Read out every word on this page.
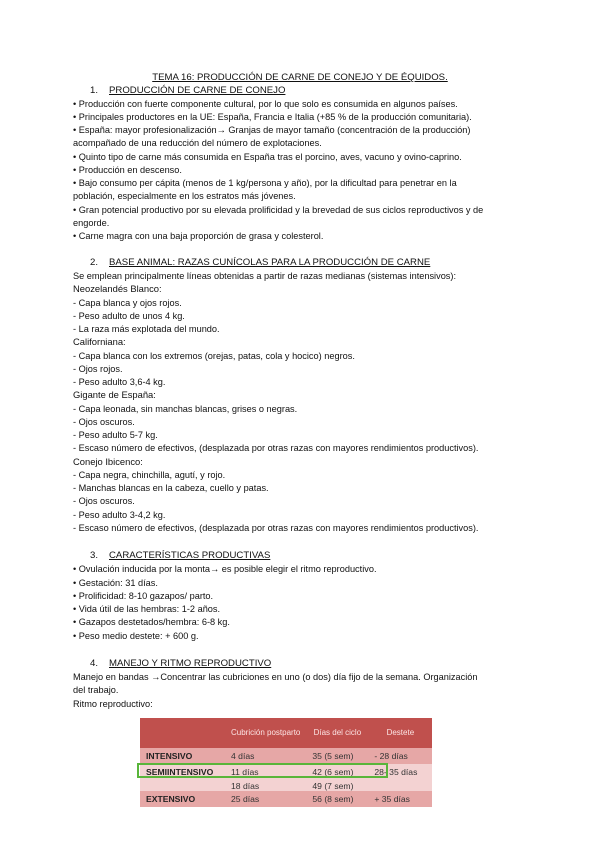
TEMA 16: PRODUCCIÓN DE CARNE DE CONEJO Y DE ÉQUIDOS.
1. PRODUCCIÓN DE CARNE DE CONEJO
• Producción con fuerte componente cultural, por lo que solo es consumida en algunos países.
• Principales productores en la UE: España, Francia e Italia (+85 % de la producción comunitaria).
• España: mayor profesionalización→ Granjas de mayor tamaño (concentración de la producción)
acompañado de una reducción del número de explotaciones.
• Quinto tipo de carne más consumida en España tras el porcino, aves, vacuno y ovino-caprino.
• Producción en descenso.
• Bajo consumo per cápita (menos de 1 kg/persona y año), por la dificultad para penetrar en la
población, especialmente en los estratos más jóvenes.
• Gran potencial productivo por su elevada prolificidad y la brevedad de sus ciclos reproductivos y de
engorde.
• Carne magra con una baja proporción de grasa y colesterol.
2. BASE ANIMAL: RAZAS CUNÍCOLAS PARA LA PRODUCCIÓN DE CARNE
Se emplean principalmente líneas obtenidas a partir de razas medianas (sistemas intensivos):
Neozelandés Blanco:
- Capa blanca y ojos rojos.
- Peso adulto de unos 4 kg.
- La raza más explotada del mundo.
Californiana:
- Capa blanca con los extremos (orejas, patas, cola y hocico) negros.
- Ojos rojos.
- Peso adulto 3,6-4 kg.
Gigante de España:
- Capa leonada, sin manchas blancas, grises o negras.
- Ojos oscuros.
- Peso adulto 5-7 kg.
- Escaso número de efectivos, (desplazada por otras razas con mayores rendimientos productivos).
Conejo Ibicenco:
- Capa negra, chinchilla, agutí, y rojo.
- Manchas blancas en la cabeza, cuello y patas.
- Ojos oscuros.
- Peso adulto 3-4,2 kg.
- Escaso número de efectivos, (desplazada por otras razas con mayores rendimientos productivos).
3. CARACTERÍSTICAS PRODUCTIVAS
• Ovulación inducida por la monta→ es posible elegir el ritmo reproductivo.
• Gestación: 31 días.
• Prolificidad: 8-10 gazapos/ parto.
• Vida útil de las hembras: 1-2 años.
• Gazapos destetados/hembra: 6-8 kg.
• Peso medio destete: + 600 g.
4. MANEJO Y RITMO REPRODUCTIVO
Manejo en bandas →Concentrar las cubriciones en uno (o dos) día fijo de la semana. Organización
del trabajo.
Ritmo reproductivo:
	Cubrición postparto	Días del ciclo	Destete
INTENSIVO	4 días	35 (5 sem)	- 28 días
SEMIINTENSIVO	11 días	42 (6 sem)	28- 35 días
	18 días	49 (7 sem)	
EXTENSIVO	25 días	56 (8 sem)	+ 35 días
